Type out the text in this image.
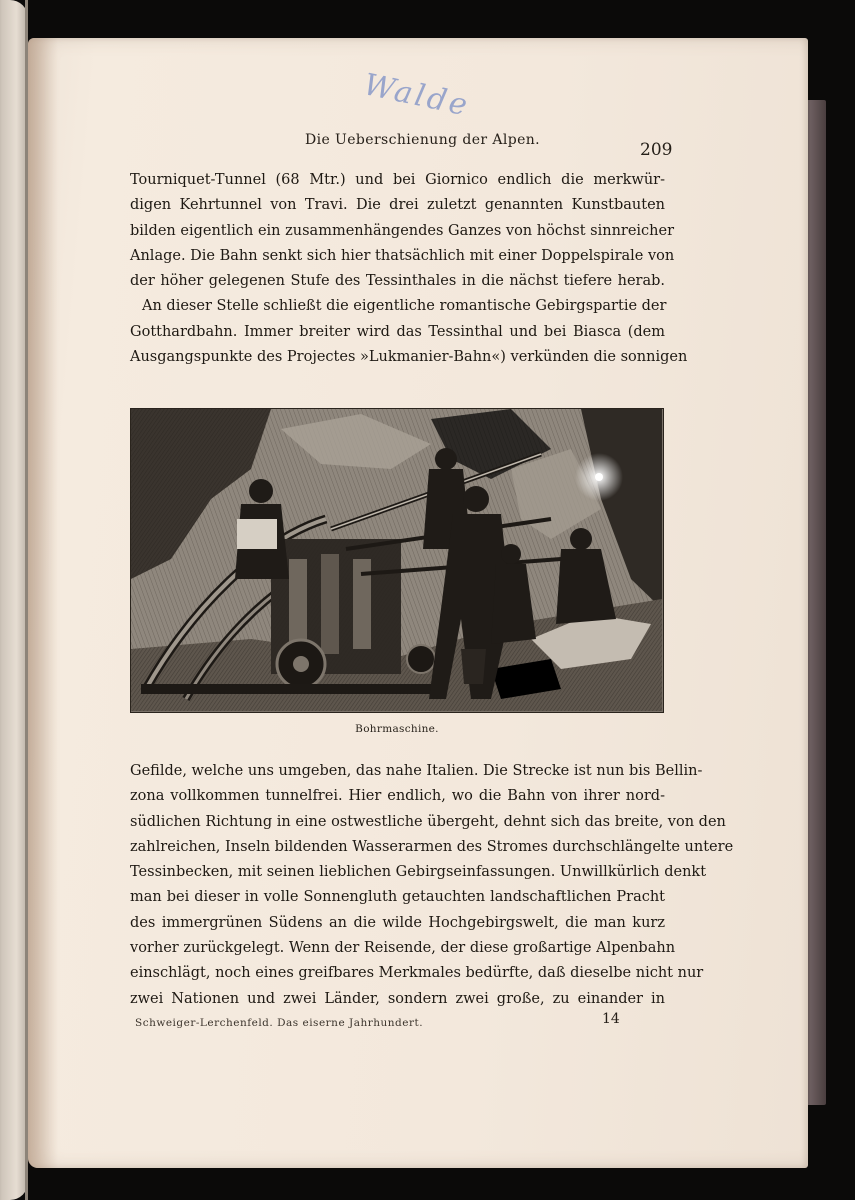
Walde
Die Ueberschienung der Alpen.	209

Tourniquet-Tunnel (68 Mtr.) und bei Giornico endlich die merkwür-
digen Kehrtunnel von Travi. Die drei zuletzt genannten Kunstbauten
bilden eigentlich ein zusammenhängendes Ganzes von höchst sinnreicher
Anlage. Die Bahn senkt sich hier thatsächlich mit einer Doppelspirale von
der höher gelegenen Stufe des Tessinthales in die nächst tiefere herab.
An dieser Stelle schließt die eigentliche romantische Gebirgspartie der
Gotthardbahn. Immer breiter wird das Tessinthal und bei Biasca (dem
Ausgangspunkte des Projectes »Lukmanier-Bahn«) verkünden die sonnigen

Bohrmaschine.

Gefilde, welche uns umgeben, das nahe Italien. Die Strecke ist nun bis Bellin-
zona vollkommen tunnelfrei. Hier endlich, wo die Bahn von ihrer nord-
südlichen Richtung in eine ostwestliche übergeht, dehnt sich das breite, von den
zahlreichen, Inseln bildenden Wasserarmen des Stromes durchschlängelte untere
Tessinbecken, mit seinen lieblichen Gebirgseinfassungen. Unwillkürlich denkt
man bei dieser in volle Sonnengluth getauchten landschaftlichen Pracht
des immergrünen Südens an die wilde Hochgebirgswelt, die man kurz
vorher zurückgelegt. Wenn der Reisende, der diese großartige Alpenbahn
einschlägt, noch eines greifbares Merkmales bedürfte, daß dieselbe nicht nur
zwei Nationen und zwei Länder, sondern zwei große, zu einander in

Schweiger-Lerchenfeld. Das eiserne Jahrhundert.	14
